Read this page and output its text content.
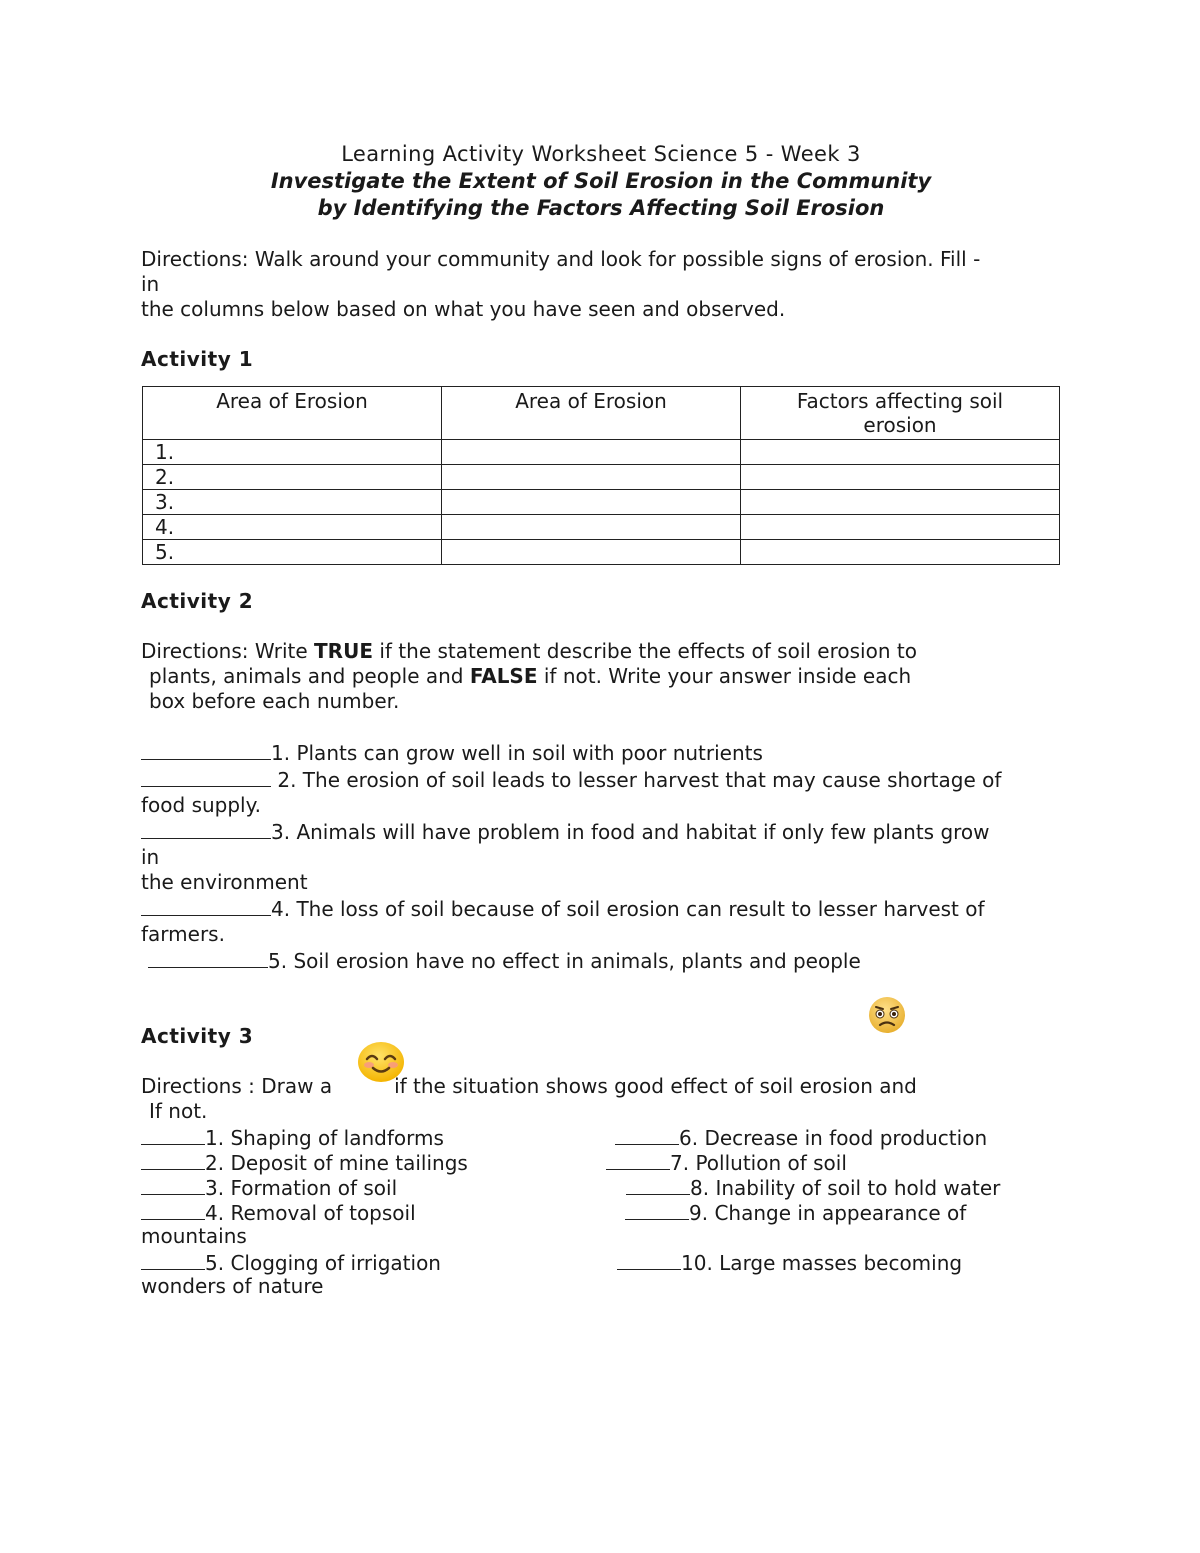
Learning Activity Worksheet Science 5 - Week 3
Investigate the Extent of Soil Erosion in the Community
by Identifying the Factors Affecting Soil Erosion

Directions: Walk around your community and look for possible signs of erosion. Fill -

in

the columns below based on what you have seen and observed.

Activity 1

Area of Erosion	Area of Erosion	Factors affecting soil erosion
1.		
2.		
3.		
4.		
5.		

Activity 2

Directions: Write TRUE if the statement describe the effects of soil erosion to

plants, animals and people and FALSE if not. Write your answer inside each

box before each number.

1. Plants can grow well in soil with poor nutrients

2. The erosion of soil leads to lesser harvest that may cause shortage of

food supply.

3. Animals will have problem in food and habitat if only few plants grow

in

the environment

4. The loss of soil because of soil erosion can result to lesser harvest of

farmers.

5. Soil erosion have no effect in animals, plants and people

Activity 3

Directions : Draw a	if the situation shows good effect of soil erosion and

If not.

1. Shaping of landforms	6. Decrease in food production
2. Deposit of mine tailings	7. Pollution of soil
3. Formation of soil	8. Inability of soil to hold water
4. Removal of topsoil	9. Change in appearance of

mountains

5. Clogging of irrigation	10. Large masses becoming

wonders of nature
